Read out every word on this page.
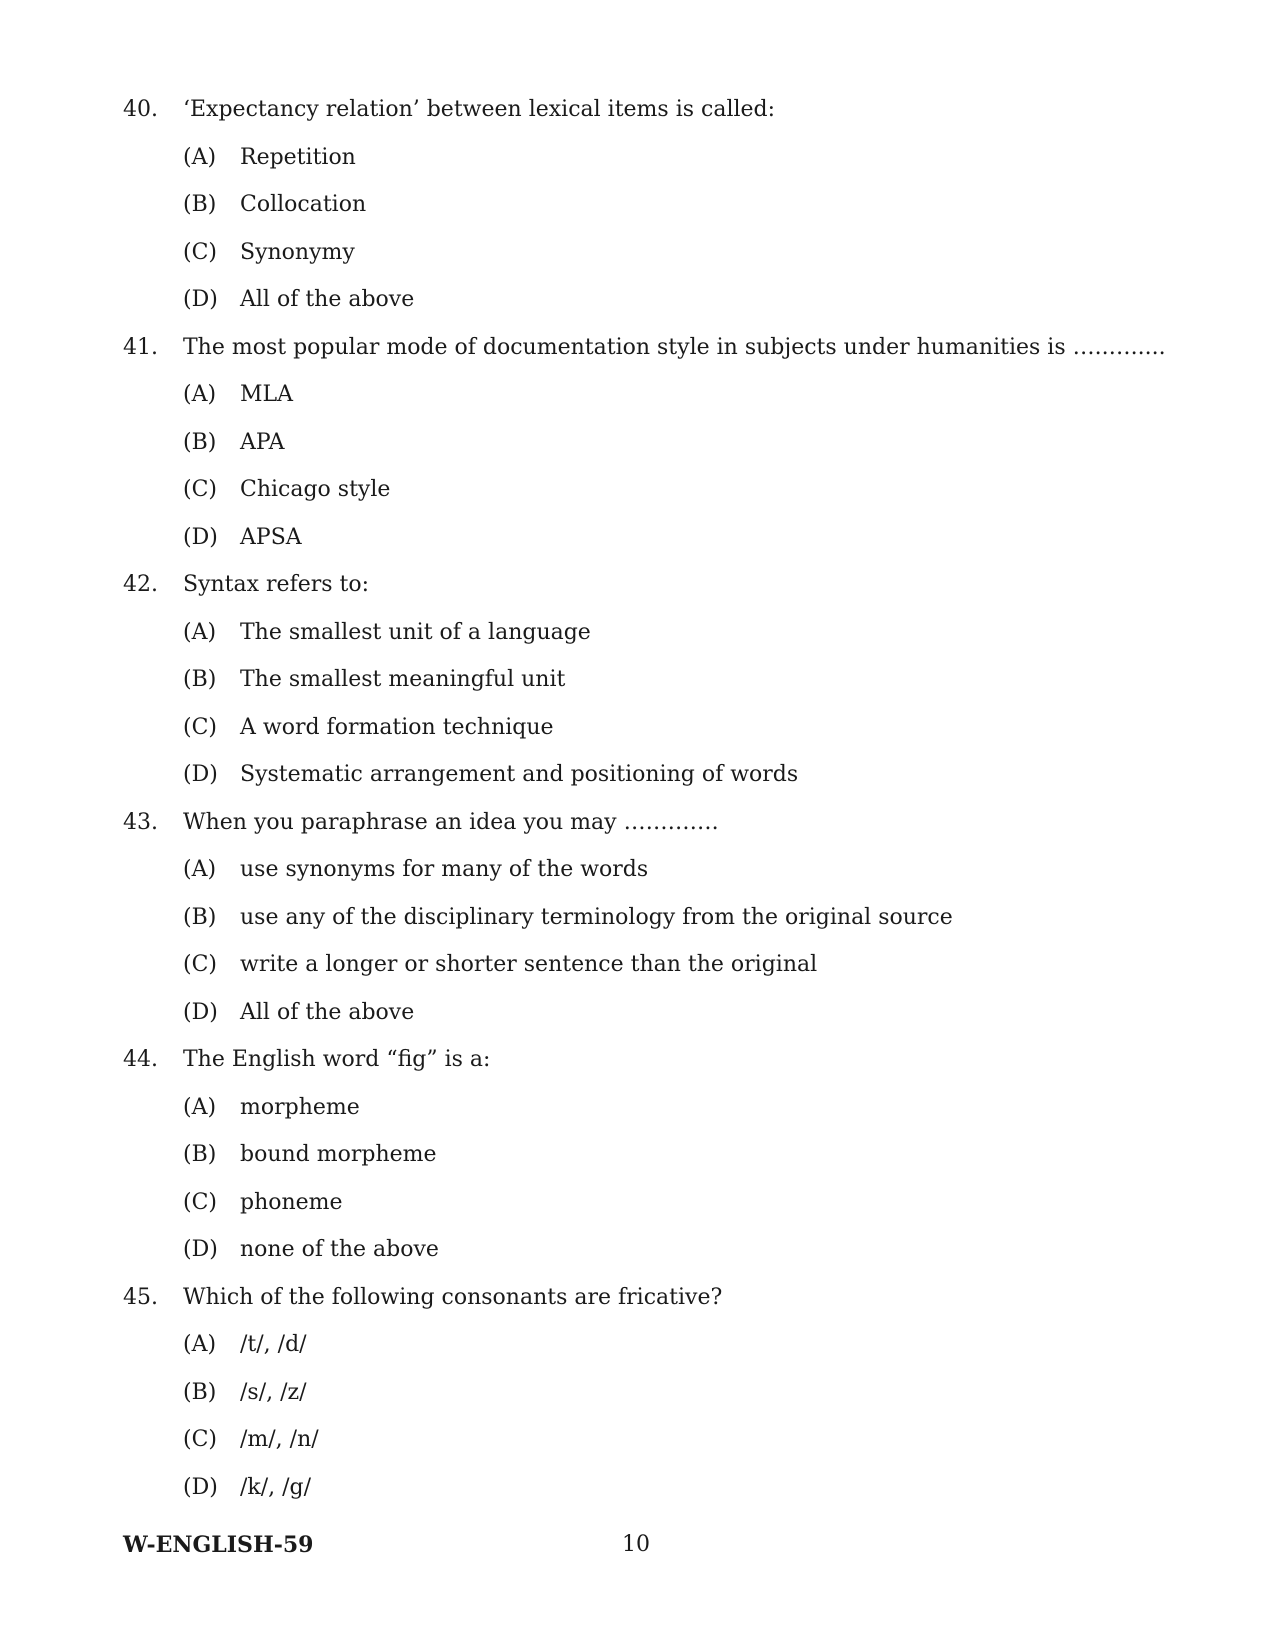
40. ‘Expectancy relation’ between lexical items is called:
(A) Repetition
(B) Collocation
(C) Synonymy
(D) All of the above
41. The most popular mode of documentation style in subjects under humanities is …..….....
(A) MLA
(B) APA
(C) Chicago style
(D) APSA
42. Syntax refers to:
(A) The smallest unit of a language
(B) The smallest meaningful unit
(C) A word formation technique
(D) Systematic arrangement and positioning of words
43. When you paraphrase an idea you may ………….
(A) use synonyms for many of the words
(B) use any of the disciplinary terminology from the original source
(C) write a longer or shorter sentence than the original
(D) All of the above
44. The English word “fig” is a:
(A) morpheme
(B) bound morpheme
(C) phoneme
(D) none of the above
45. Which of the following consonants are fricative?
(A) /t/, /d/
(B) /s/, /z/
(C) /m/, /n/
(D) /k/, /g/
W-ENGLISH-59	10
